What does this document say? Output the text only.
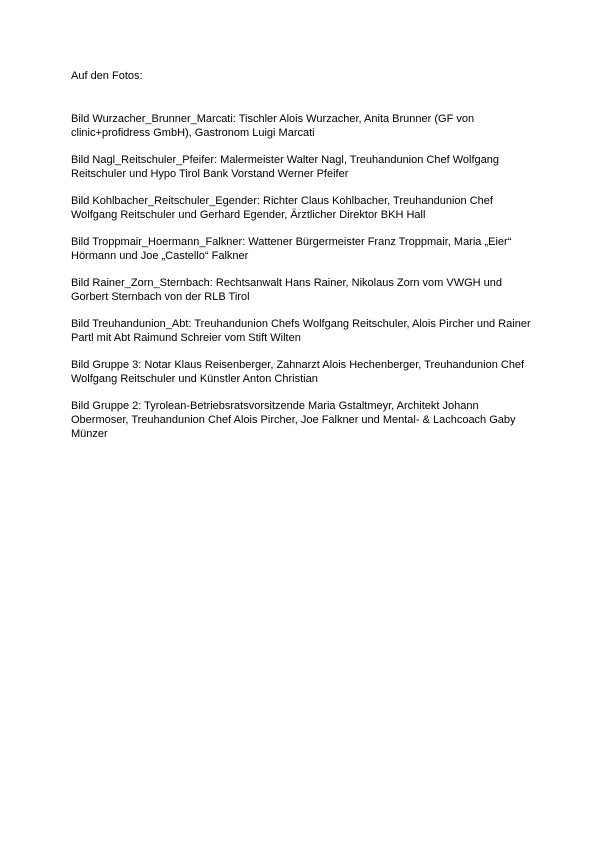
Auf den Fotos:

Bild Wurzacher_Brunner_Marcati: Tischler Alois Wurzacher, Anita Brunner (GF von clinic+profidress GmbH), Gastronom Luigi Marcati

Bild Nagl_Reitschuler_Pfeifer: Malermeister Walter Nagl, Treuhandunion Chef Wolfgang Reitschuler und Hypo Tirol Bank Vorstand Werner Pfeifer

Bild Kohlbacher_Reitschuler_Egender: Richter Claus Kohlbacher, Treuhandunion Chef Wolfgang Reitschuler und Gerhard Egender, Ärztlicher Direktor BKH Hall

Bild Troppmair_Hoermann_Falkner: Wattener Bürgermeister Franz Troppmair, Maria „Eier“ Hörmann und Joe „Castello“ Falkner

Bild Rainer_Zorn_Sternbach: Rechtsanwalt Hans Rainer, Nikolaus Zorn vom VWGH und Gorbert Sternbach von der RLB Tirol

Bild Treuhandunion_Abt: Treuhandunion Chefs Wolfgang Reitschuler, Alois Pircher und Rainer Partl mit Abt Raimund Schreier vom Stift Wilten

Bild Gruppe 3: Notar Klaus Reisenberger, Zahnarzt Alois Hechenberger, Treuhandunion Chef Wolfgang Reitschuler und Künstler Anton Christian

Bild Gruppe 2: Tyrolean-Betriebsratsvorsitzende Maria Gstaltmeyr, Architekt Johann Obermoser, Treuhandunion Chef Alois Pircher, Joe Falkner und Mental- & Lachcoach Gaby Münzer
